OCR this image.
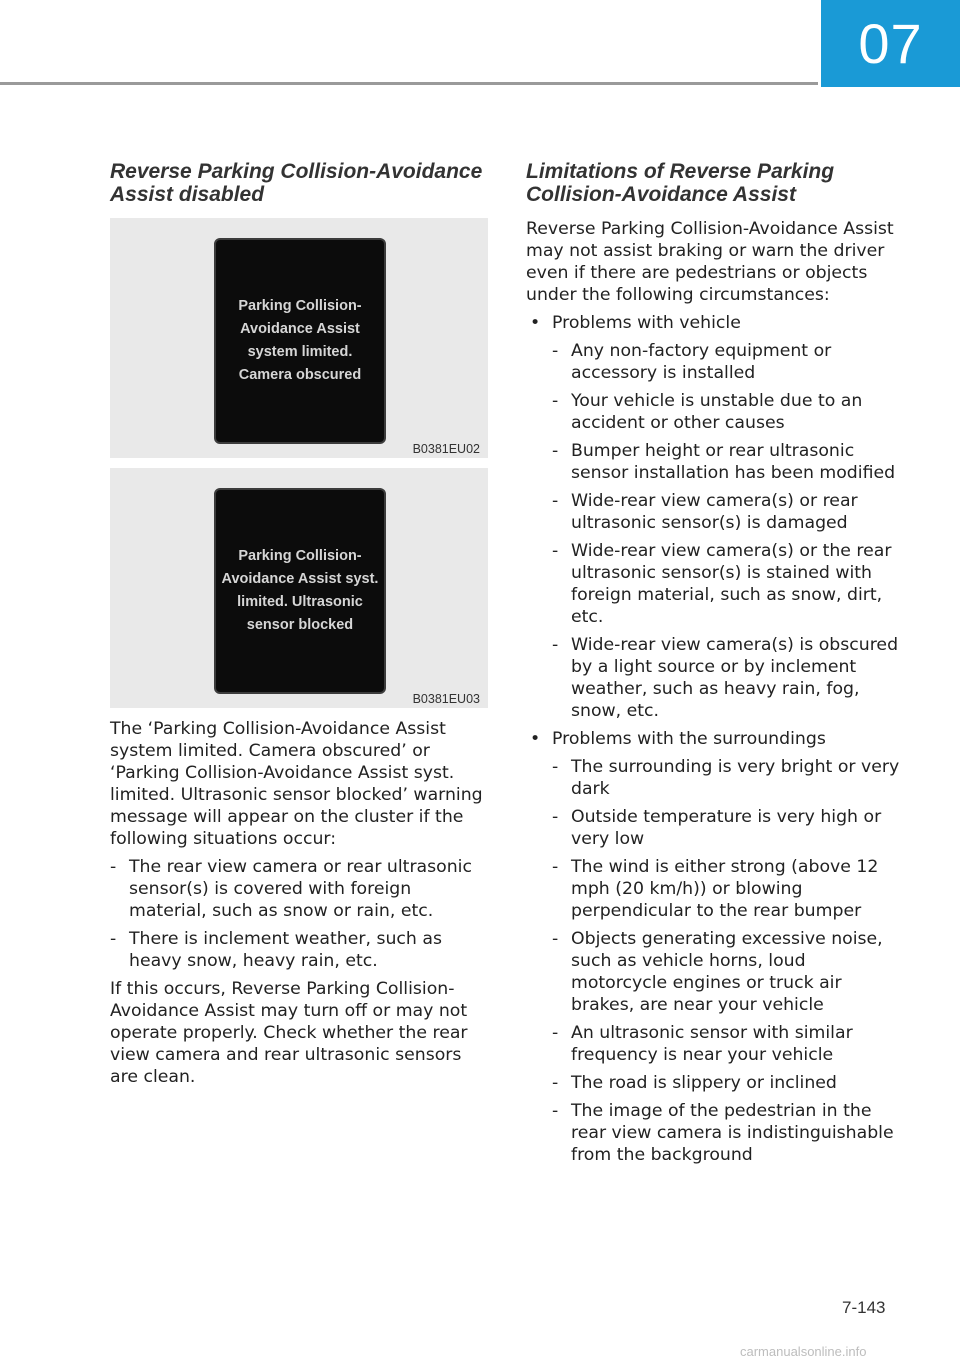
07
Reverse Parking Collision-Avoidance Assist disabled
Parking Collision-
Avoidance Assist
system limited.
Camera obscured
B0381EU02
Parking Collision-
Avoidance Assist syst.
limited. Ultrasonic
sensor blocked
B0381EU03

The ‘Parking Collision-Avoidance Assist system limited. Camera obscured’ or ‘Parking Collision-Avoidance Assist syst. limited. Ultrasonic sensor blocked’ warning message will appear on the cluster if the following situations occur:

- The rear view camera or rear ultrasonic sensor(s) is covered with foreign material, such as snow or rain, etc.
- There is inclement weather, such as heavy snow, heavy rain, etc.

If this occurs, Reverse Parking Collision-Avoidance Assist may turn off or may not operate properly. Check whether the rear view camera and rear ultrasonic sensors are clean.

Limitations of Reverse Parking Collision-Avoidance Assist

Reverse Parking Collision-Avoidance Assist may not assist braking or warn the driver even if there are pedestrians or objects under the following circumstances:

• Problems with vehicle
- Any non-factory equipment or accessory is installed
- Your vehicle is unstable due to an accident or other causes
- Bumper height or rear ultrasonic sensor installation has been modified
- Wide-rear view camera(s) or rear ultrasonic sensor(s) is damaged
- Wide-rear view camera(s) or the rear ultrasonic sensor(s) is stained with foreign material, such as snow, dirt, etc.
- Wide-rear view camera(s) is obscured by a light source or by inclement weather, such as heavy rain, fog, snow, etc.
• Problems with the surroundings
- The surrounding is very bright or very dark
- Outside temperature is very high or very low
- The wind is either strong (above 12 mph (20 km/h)) or blowing perpendicular to the rear bumper
- Objects generating excessive noise, such as vehicle horns, loud motorcycle engines or truck air brakes, are near your vehicle
- An ultrasonic sensor with similar frequency is near your vehicle
- The road is slippery or inclined
- The image of the pedestrian in the rear view camera is indistinguishable from the background
7-143
carmanualsonline.info
